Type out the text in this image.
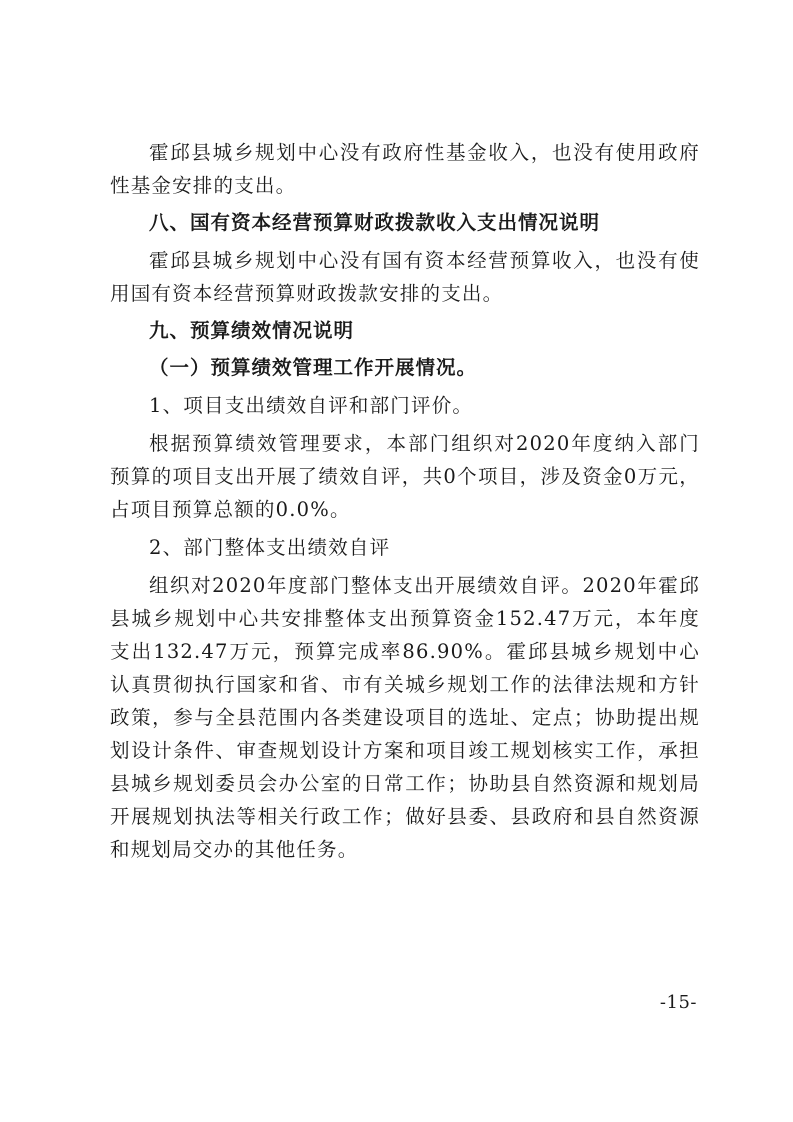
霍邱县城乡规划中心没有政府性基金收入，也没有使用政府性基金安排的支出。

八、国有资本经营预算财政拨款收入支出情况说明

霍邱县城乡规划中心没有国有资本经营预算收入，也没有使用国有资本经营预算财政拨款安排的支出。

九、预算绩效情况说明

（一）预算绩效管理工作开展情况。

1、项目支出绩效自评和部门评价。

根据预算绩效管理要求，本部门组织对2020年度纳入部门预算的项目支出开展了绩效自评，共0个项目，涉及资金0万元，占项目预算总额的0.0%。

2、部门整体支出绩效自评

组织对2020年度部门整体支出开展绩效自评。2020年霍邱县城乡规划中心共安排整体支出预算资金152.47万元，本年度支出132.47万元，预算完成率86.90%。霍邱县城乡规划中心认真贯彻执行国家和省、市有关城乡规划工作的法律法规和方针政策，参与全县范围内各类建设项目的选址、定点；协助提出规划设计条件、审查规划设计方案和项目竣工规划核实工作，承担县城乡规划委员会办公室的日常工作；协助县自然资源和规划局开展规划执法等相关行政工作；做好县委、县政府和县自然资源和规划局交办的其他任务。

-15-
